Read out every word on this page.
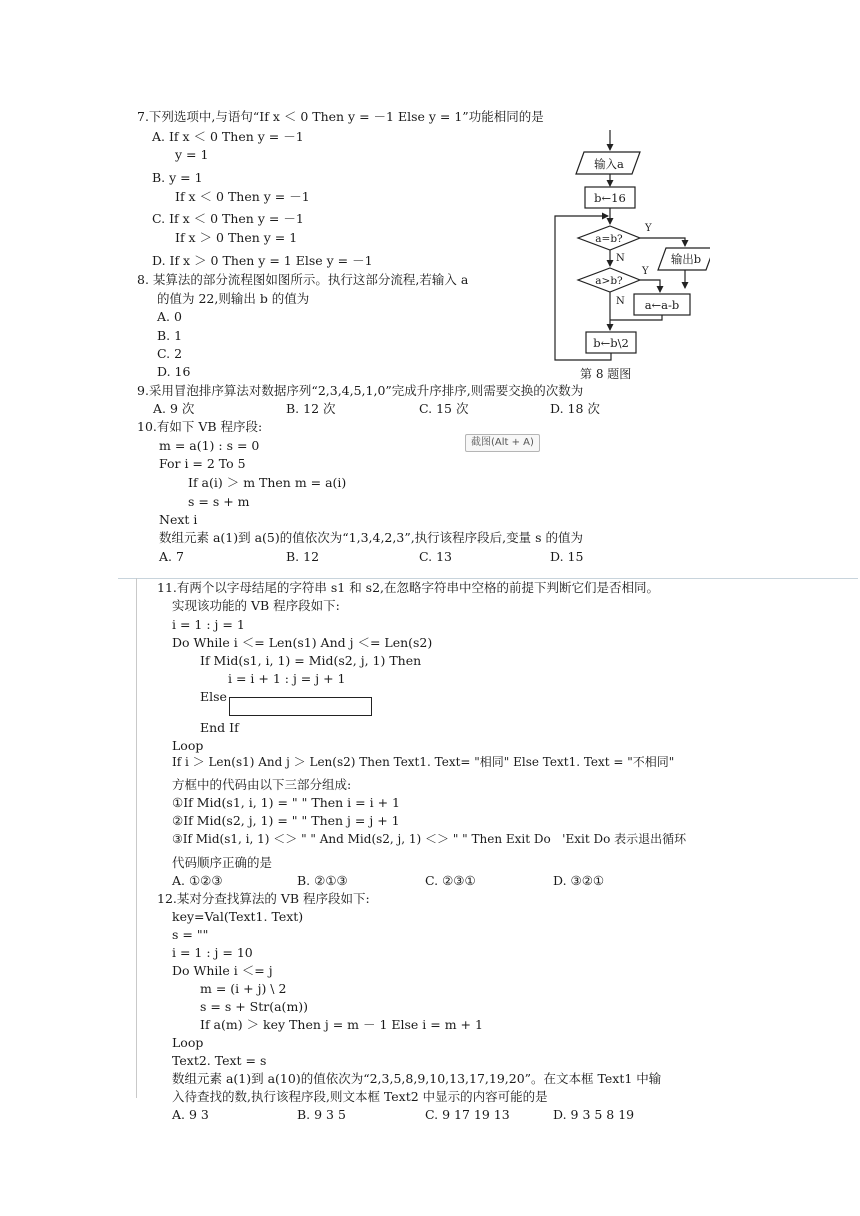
7.下列选项中,与语句“If x ＜ 0 Then y = －1 Else y = 1”功能相同的是
A. If x ＜ 0 Then y = －1
y = 1
B. y = 1
If x ＜ 0 Then y = －1
C. If x ＜ 0 Then y = －1
If x ＞ 0 Then y = 1
D. If x ＞ 0 Then y = 1 Else y = －1
8. 某算法的部分流程图如图所示。执行这部分流程,若输入 a
的值为 22,则输出 b 的值为
A. 0
B. 1
C. 2
D. 16
输入a
b←16
a=b?
输出b
a>b?
a←a-b
b←b\2
Y
N
Y
N
第 8 题图
9.采用冒泡排序算法对数据序列“2,3,4,5,1,0”完成升序排序,则需要交换的次数为
A. 9 次	B. 12 次	C. 15 次	D. 18 次
10.有如下 VB 程序段:
m = a(1) : s = 0
For i = 2 To 5
If a(i) ＞ m Then m = a(i)
s = s + m
Next i
数组元素 a(1)到 a(5)的值依次为“1,3,4,2,3”,执行该程序段后,变量 s 的值为
A. 7	B. 12	C. 13	D. 15
截图(Alt + A)
11.有两个以字母结尾的字符串 s1 和 s2,在忽略字符串中空格的前提下判断它们是否相同。
实现该功能的 VB 程序段如下:
i = 1 : j = 1
Do While i ＜= Len(s1) And j ＜= Len(s2)
If Mid(s1, i, 1) = Mid(s2, j, 1) Then
i = i + 1 : j = j + 1
Else
End If
Loop
If i ＞ Len(s1) And j ＞ Len(s2) Then Text1. Text= "相同" Else Text1. Text = "不相同"
方框中的代码由以下三部分组成:
①If Mid(s1, i, 1) = " " Then i = i + 1
②If Mid(s2, j, 1) = " " Then j = j + 1
③If Mid(s1, i, 1) ＜＞ " " And Mid(s2, j, 1) ＜＞ " " Then Exit Do   'Exit Do 表示退出循环
代码顺序正确的是
A. ①②③	B. ②①③	C. ②③①	D. ③②①
12.某对分查找算法的 VB 程序段如下:
key=Val(Text1. Text)
s = ""
i = 1 : j = 10
Do While i ＜= j
m = (i + j) \ 2
s = s + Str(a(m))
If a(m) ＞ key Then j = m － 1 Else i = m + 1
Loop
Text2. Text = s
数组元素 a(1)到 a(10)的值依次为“2,3,5,8,9,10,13,17,19,20”。在文本框 Text1 中输
入待查找的数,执行该程序段,则文本框 Text2 中显示的内容可能的是
A. 9 3	B. 9 3 5	C. 9 17 19 13	D. 9 3 5 8 19
